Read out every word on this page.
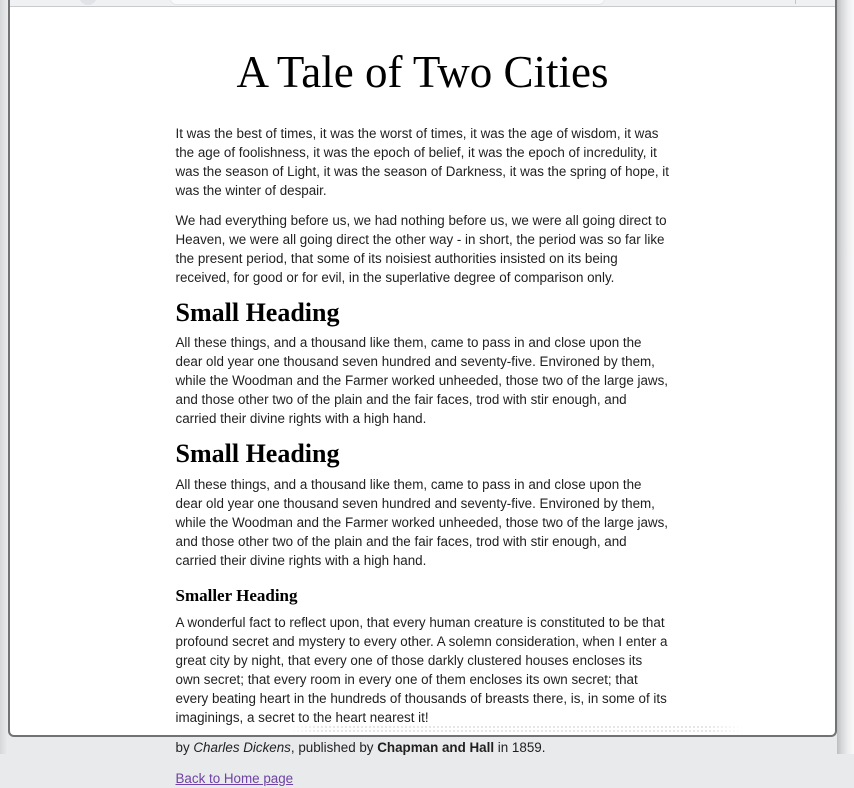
A Tale of Two Cities

It was the best of times, it was the worst of times, it was the age of wisdom, it was the age of foolishness, it was the epoch of belief, it was the epoch of incredulity, it was the season of Light, it was the season of Darkness, it was the spring of hope, it was the winter of despair.

We had everything before us, we had nothing before us, we were all going direct to Heaven, we were all going direct the other way - in short, the period was so far like the present period, that some of its noisiest authorities insisted on its being received, for good or for evil, in the superlative degree of comparison only.

Small Heading

All these things, and a thousand like them, came to pass in and close upon the dear old year one thousand seven hundred and seventy-five. Environed by them, while the Woodman and the Farmer worked unheeded, those two of the large jaws, and those other two of the plain and the fair faces, trod with stir enough, and carried their divine rights with a high hand.

Small Heading

All these things, and a thousand like them, came to pass in and close upon the dear old year one thousand seven hundred and seventy-five. Environed by them, while the Woodman and the Farmer worked unheeded, those two of the large jaws, and those other two of the plain and the fair faces, trod with stir enough, and carried their divine rights with a high hand.

Smaller Heading

A wonderful fact to reflect upon, that every human creature is constituted to be that profound secret and mystery to every other. A solemn consideration, when I enter a great city by night, that every one of those darkly clustered houses encloses its own secret; that every room in every one of them encloses its own secret; that every beating heart in the hundreds of thousands of breasts there, is, in some of its imaginings, a secret to the heart nearest it!

by Charles Dickens, published by Chapman and Hall in 1859.

Back to Home page
